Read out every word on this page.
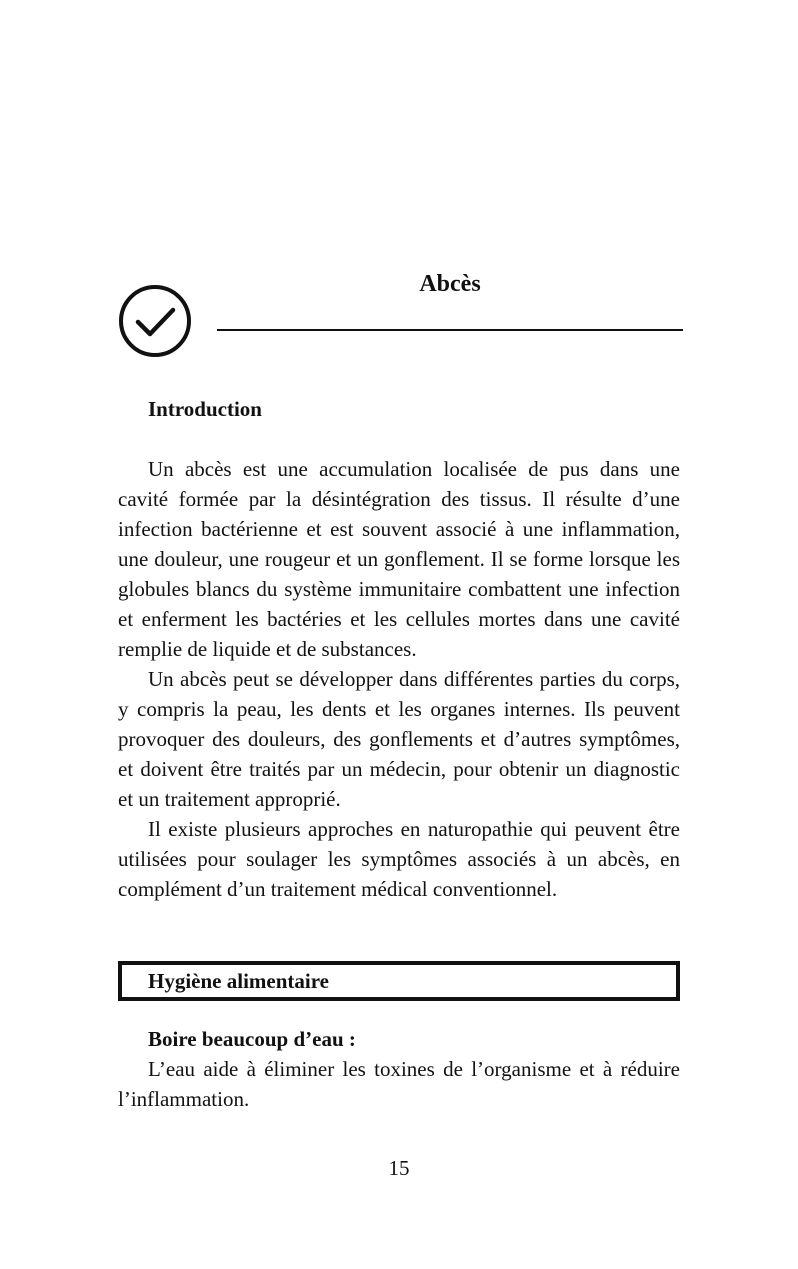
Abcès
Introduction

Un abcès est une accumulation localisée de pus dans une cavité formée par la désintégration des tissus. Il résulte d’une infection bactérienne et est souvent associé à une inflammation, une douleur, une rougeur et un gonflement. Il se forme lorsque les globules blancs du système immunitaire combattent une infection et enferment les bactéries et les cellules mortes dans une cavité remplie de liquide et de substances.

Un abcès peut se développer dans différentes parties du corps, y compris la peau, les dents et les organes internes. Ils peuvent provoquer des douleurs, des gonflements et d’autres symptômes, et doivent être traités par un médecin, pour obtenir un diagnostic et un traitement approprié.

Il existe plusieurs approches en naturopathie qui peuvent être utilisées pour soulager les symptômes associés à un abcès, en complément d’un traitement médical conventionnel.

Hygiène alimentaire
Boire beaucoup d’eau :

L’eau aide à éliminer les toxines de l’organisme et à réduire l’inflammation.

15
